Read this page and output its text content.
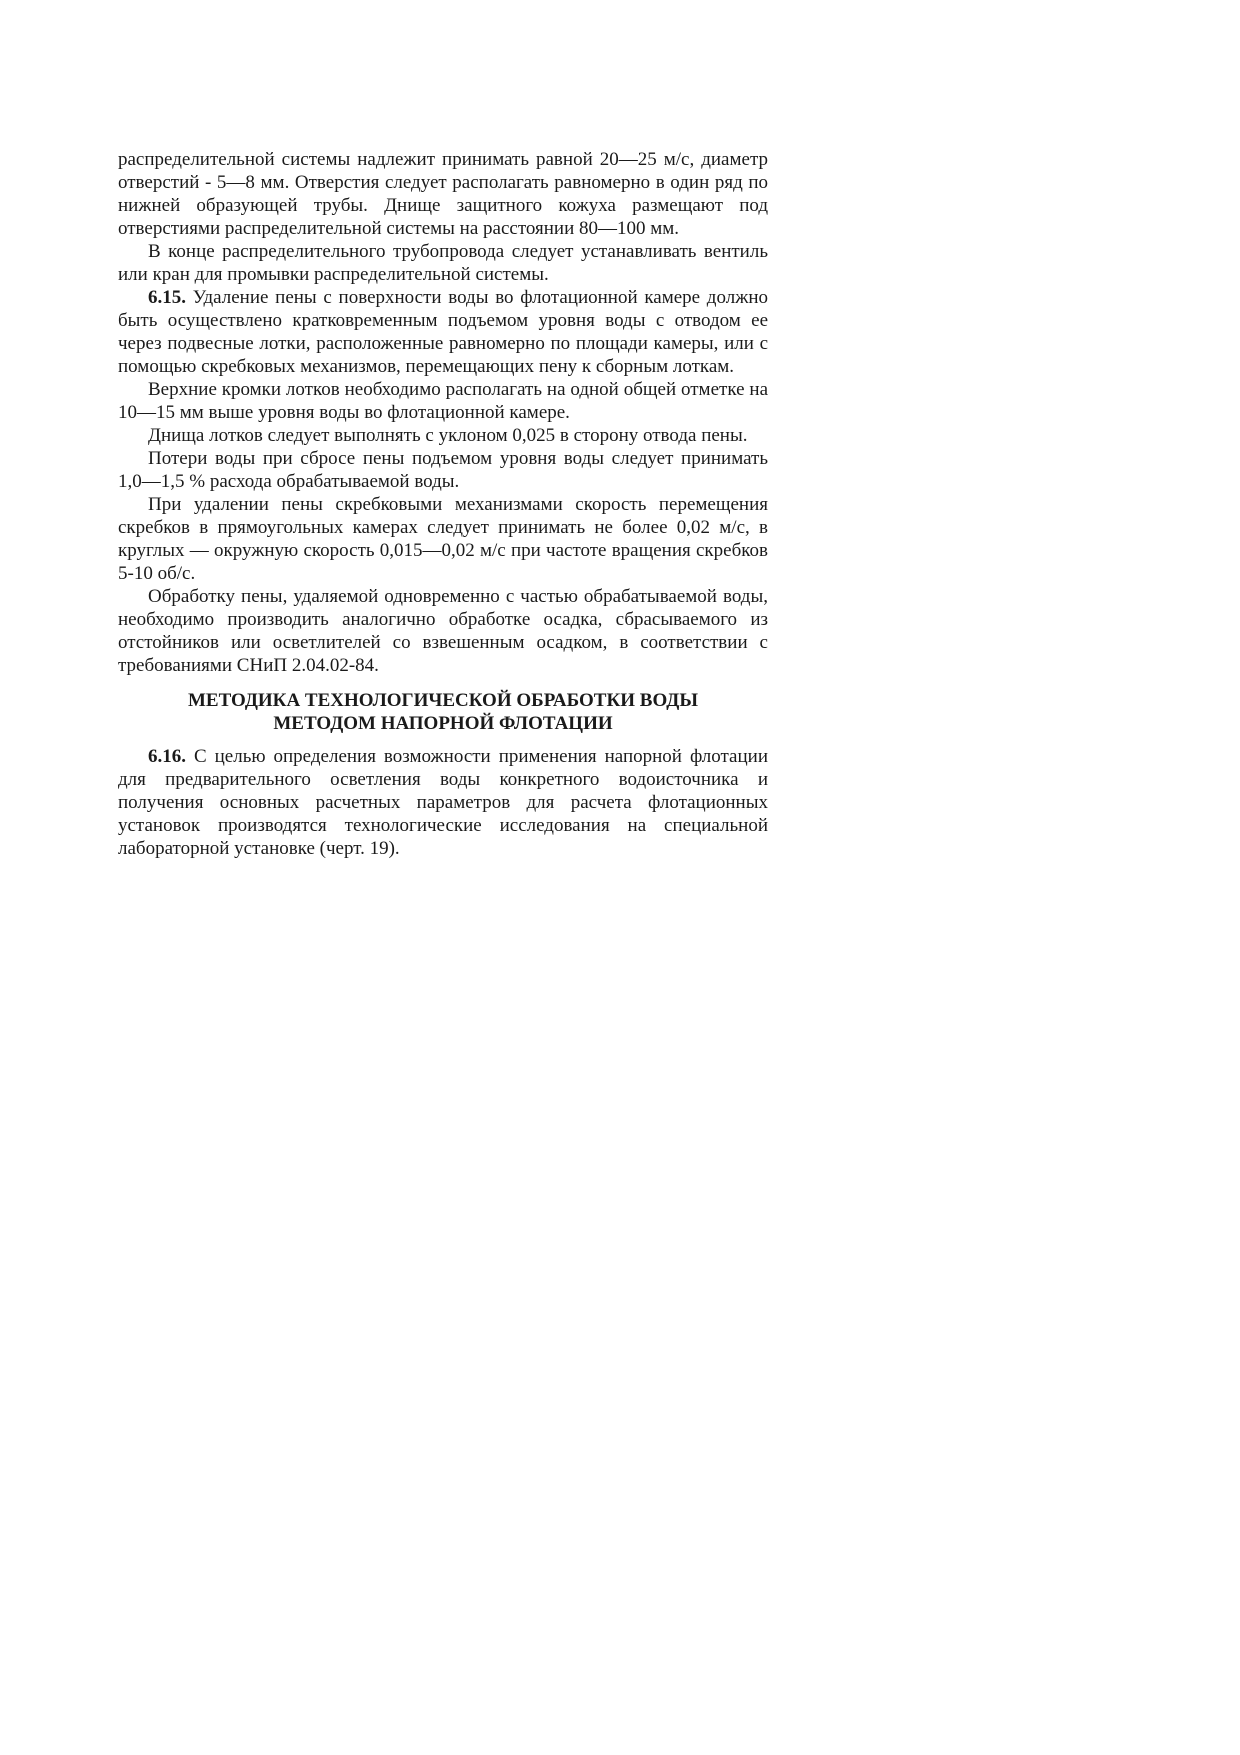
распределительной системы надлежит принимать равной 20—25 м/с, диаметр отверстий - 5—8 мм. Отверстия следует располагать равномерно в один ряд по нижней образующей трубы. Днище защитного кожуха размещают под отверстиями распределительной системы на расстоянии 80—100 мм.

В конце распределительного трубопровода следует устанавливать вентиль или кран для промывки распределительной системы.

6.15. Удаление пены с поверхности воды во флотационной камере должно быть осуществлено кратковременным подъемом уровня воды с отводом ее через подвесные лотки, расположенные равномерно по площади камеры, или с помощью скребковых механизмов, перемещающих пену к сборным лоткам.

Верхние кромки лотков необходимо располагать на одной общей отметке на 10—15 мм выше уровня воды во флотационной камере.

Днища лотков следует выполнять с уклоном 0,025 в сторону отвода пены.

Потери воды при сбросе пены подъемом уровня воды следует принимать 1,0—1,5 % расхода обрабатываемой воды.

При удалении пены скребковыми механизмами скорость перемещения скребков в прямоугольных камерах следует принимать не более 0,02 м/с, в круглых — окружную скорость 0,015—0,02 м/с при частоте вращения скребков 5-10 об/с.

Обработку пены, удаляемой одновременно с частью обрабатываемой воды, необходимо производить аналогично обработке осадка, сбрасываемого из отстойников или осветлителей со взвешенным осадком, в соответствии с требованиями СНиП 2.04.02-84.

МЕТОДИКА ТЕХНОЛОГИЧЕСКОЙ ОБРАБОТКИ ВОДЫ
МЕТОДОМ НАПОРНОЙ ФЛОТАЦИИ

6.16. С целью определения возможности применения напорной флотации для предварительного осветления воды конкретного водоисточника и получения основных расчетных параметров для расчета флотационных установок производятся технологические исследования на специальной лабораторной установке (черт. 19).
